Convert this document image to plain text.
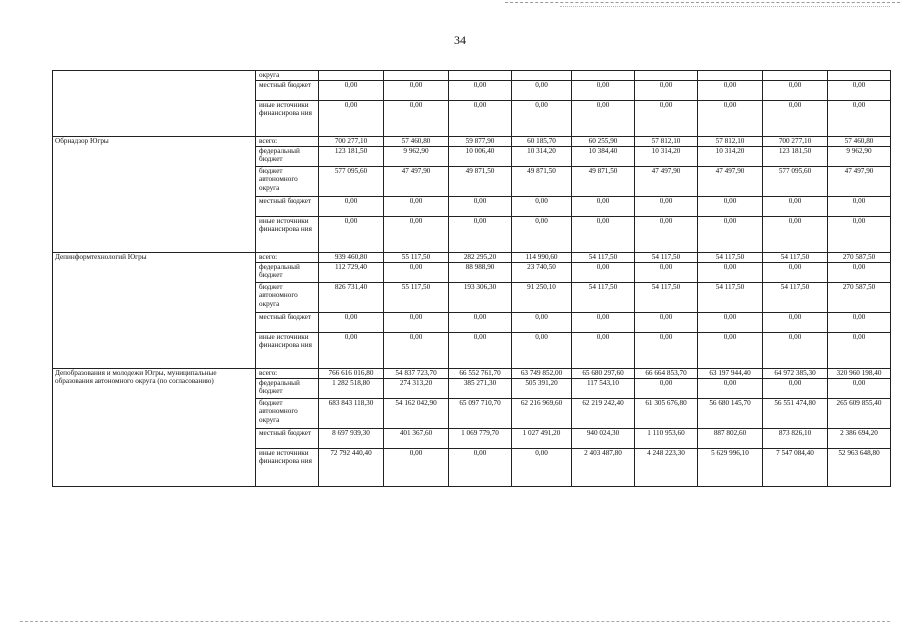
34
	округа									
	местный бюджет	0,00	0,00	0,00	0,00	0,00	0,00	0,00	0,00	0,00
	иные источники финансирова ния	0,00	0,00	0,00	0,00	0,00	0,00	0,00	0,00	0,00
Обрнадзор Югры	всего:	700 277,10	57 460,80	59 877,90	60 185,70	60 255,90	57 812,10	57 812,10	700 277,10	57 460,80
	федеральный бюджет	123 181,50	9 962,90	10 006,40	10 314,20	10 384,40	10 314,20	10 314,20	123 181,50	9 962,90
	бюджет автономного округа	577 095,60	47 497,90	49 871,50	49 871,50	49 871,50	47 497,90	47 497,90	577 095,60	47 497,90
	местный бюджет	0,00	0,00	0,00	0,00	0,00	0,00	0,00	0,00	0,00
	иные источники финансирова ния	0,00	0,00	0,00	0,00	0,00	0,00	0,00	0,00	0,00
Депинформтехнологий Югры	всего:	939 460,80	55 117,50	282 295,20	114 990,60	54 117,50	54 117,50	54 117,50	54 117,50	270 587,50
	федеральный бюджет	112 729,40	0,00	88 988,90	23 740,50	0,00	0,00	0,00	0,00	0,00
	бюджет автономного округа	826 731,40	55 117,50	193 306,30	91 250,10	54 117,50	54 117,50	54 117,50	54 117,50	270 587,50
	местный бюджет	0,00	0,00	0,00	0,00	0,00	0,00	0,00	0,00	0,00
	иные источники финансирова ния	0,00	0,00	0,00	0,00	0,00	0,00	0,00	0,00	0,00
Депобразования и молодежи Югры, муниципальные образования автономного округа (по согласованию)	всего:	766 616 016,80	54 837 723,70	66 552 761,70	63 749 852,00	65 680 297,60	66 664 853,70	63 197 944,40	64 972 385,30	320 960 198,40
	федеральный бюджет	1 282 518,80	274 313,20	385 271,30	505 391,20	117 543,10	0,00	0,00	0,00	0,00
	бюджет автономного округа	683 843 118,30	54 162 042,90	65 097 710,70	62 216 969,60	62 219 242,40	61 305 676,80	56 680 145,70	56 551 474,80	265 609 855,40
	местный бюджет	8 697 939,30	401 367,60	1 069 779,70	1 027 491,20	940 024,30	1 110 953,60	887 802,60	873 826,10	2 386 694,20
	иные источники финансирова ния	72 792 440,40	0,00	0,00	0,00	2 403 487,80	4 248 223,30	5 629 996,10	7 547 084,40	52 963 648,80
